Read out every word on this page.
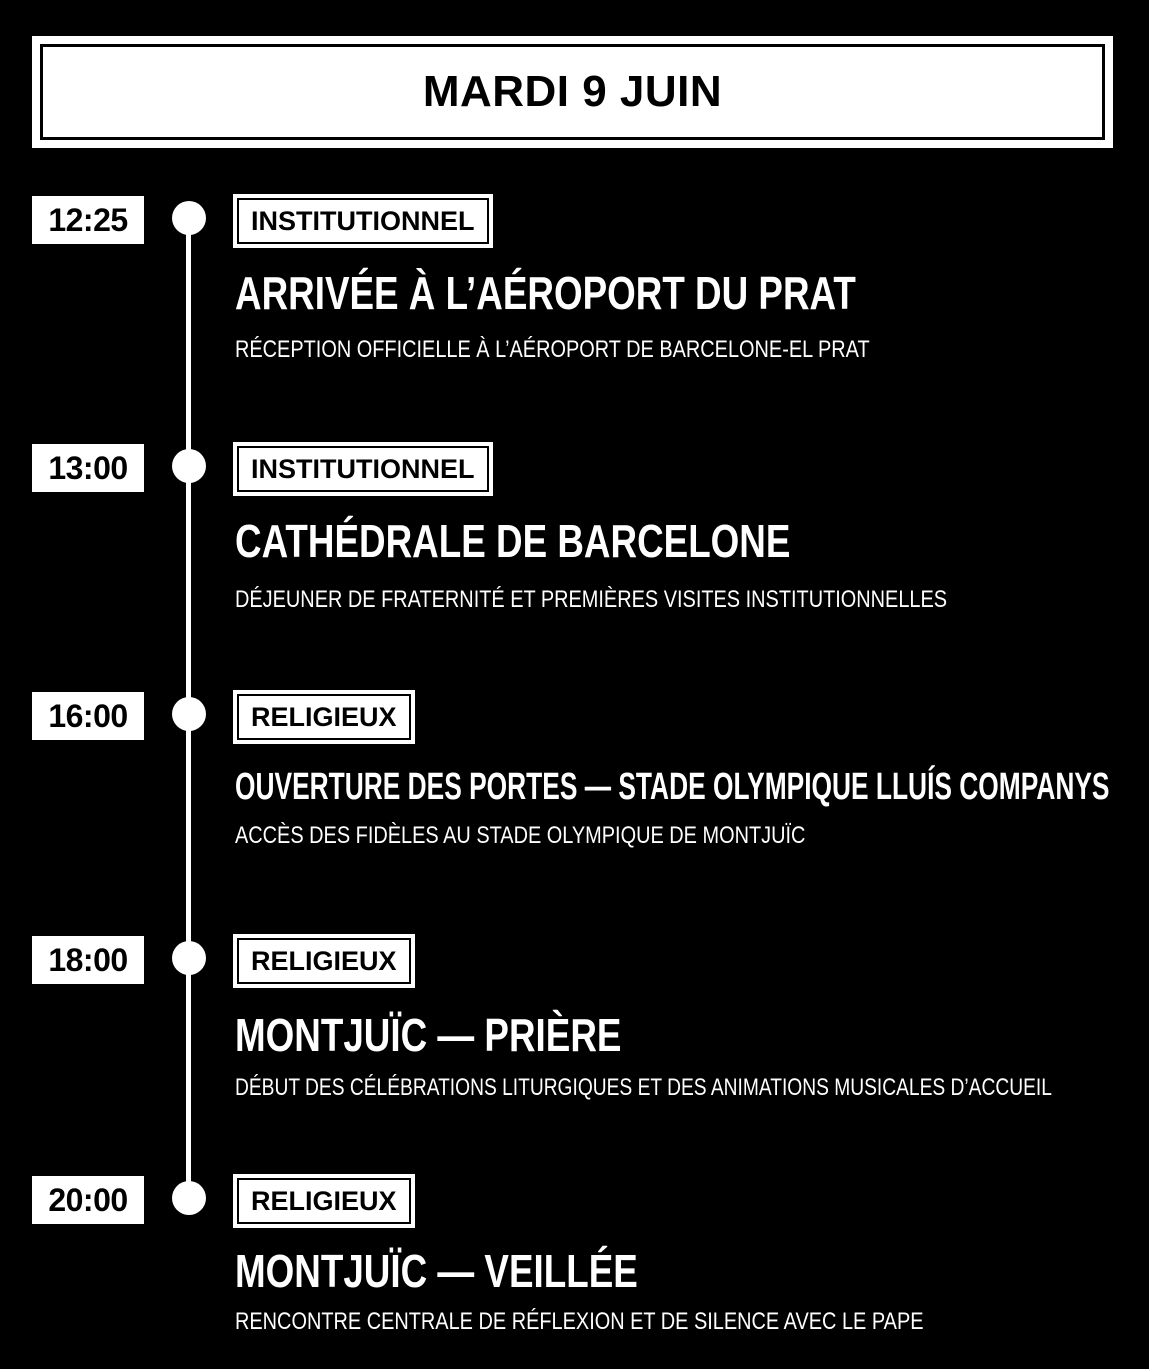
MARDI 9 JUIN
12:25	INSTITUTIONNEL
ARRIVÉE À L’AÉROPORT DU PRAT
RÉCEPTION OFFICIELLE À L’AÉROPORT DE BARCELONE-EL PRAT
13:00	INSTITUTIONNEL
CATHÉDRALE DE BARCELONE
DÉJEUNER DE FRATERNITÉ ET PREMIÈRES VISITES INSTITUTIONNELLES
16:00	RELIGIEUX
OUVERTURE DES PORTES — STADE OLYMPIQUE LLUÍS COMPANYS
ACCÈS DES FIDÈLES AU STADE OLYMPIQUE DE MONTJUÏC
18:00	RELIGIEUX
MONTJUÏC — PRIÈRE
DÉBUT DES CÉLÉBRATIONS LITURGIQUES ET DES ANIMATIONS MUSICALES D’ACCUEIL
20:00	RELIGIEUX
MONTJUÏC — VEILLÉE
RENCONTRE CENTRALE DE RÉFLEXION ET DE SILENCE AVEC LE PAPE
